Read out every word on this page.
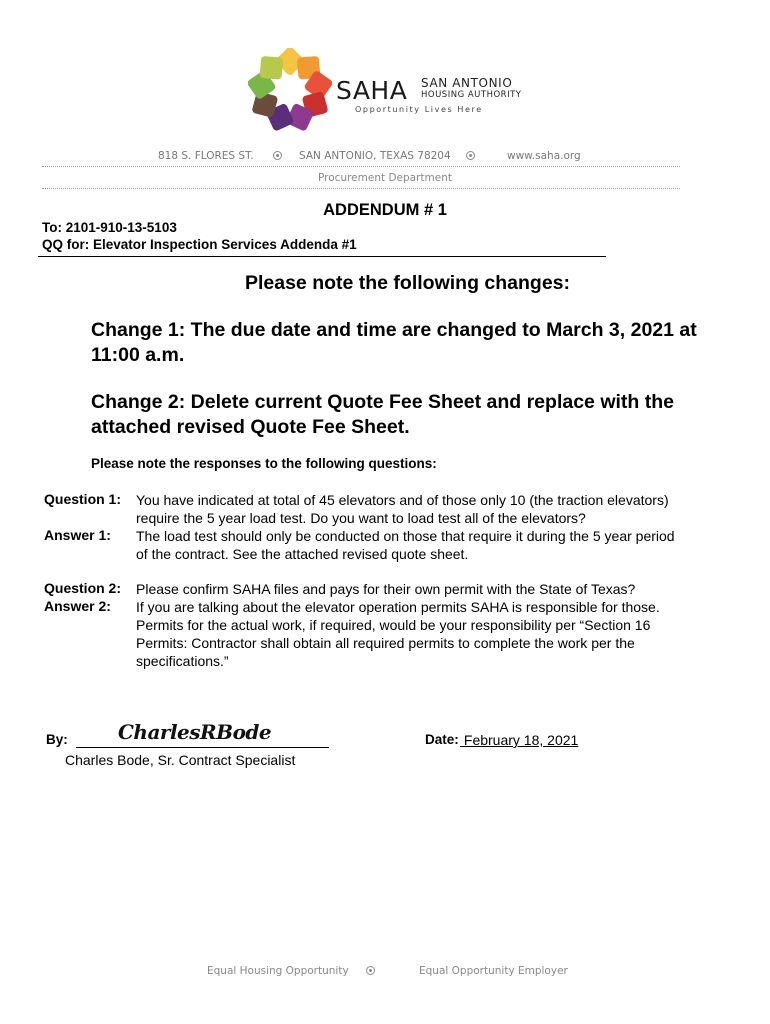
SAHA SAN ANTONIO
HOUSING AUTHORITY
Opportunity Lives Here
818 S. FLORES ST.	SAN ANTONIO, TEXAS 78204	www.saha.org
Procurement Department
ADDENDUM # 1
To: 2101-910-13-5103
QQ for: Elevator Inspection Services Addenda #1
Please note the following changes:
Change 1: The due date and time are changed to March 3, 2021 at
11:00 a.m.
Change 2: Delete current Quote Fee Sheet and replace with the
attached revised Quote Fee Sheet.
Please note the responses to the following questions:
Question 1: You have indicated at total of 45 elevators and of those only 10 (the traction elevators)
require the 5 year load test. Do you want to load test all of the elevators?
Answer 1: The load test should only be conducted on those that require it during the 5 year period
of the contract. See the attached revised quote sheet.
Question 2: Please confirm SAHA files and pays for their own permit with the State of Texas?
Answer 2: If you are talking about the elevator operation permits SAHA is responsible for those.
Permits for the actual work, if required, would be your responsibility per “Section 16
Permits: Contractor shall obtain all required permits to complete the work per the
specifications.”
By:	CharlesRBode
Charles Bode, Sr. Contract Specialist
Date: February 18, 2021
Equal Housing Opportunity	Equal Opportunity Employer
